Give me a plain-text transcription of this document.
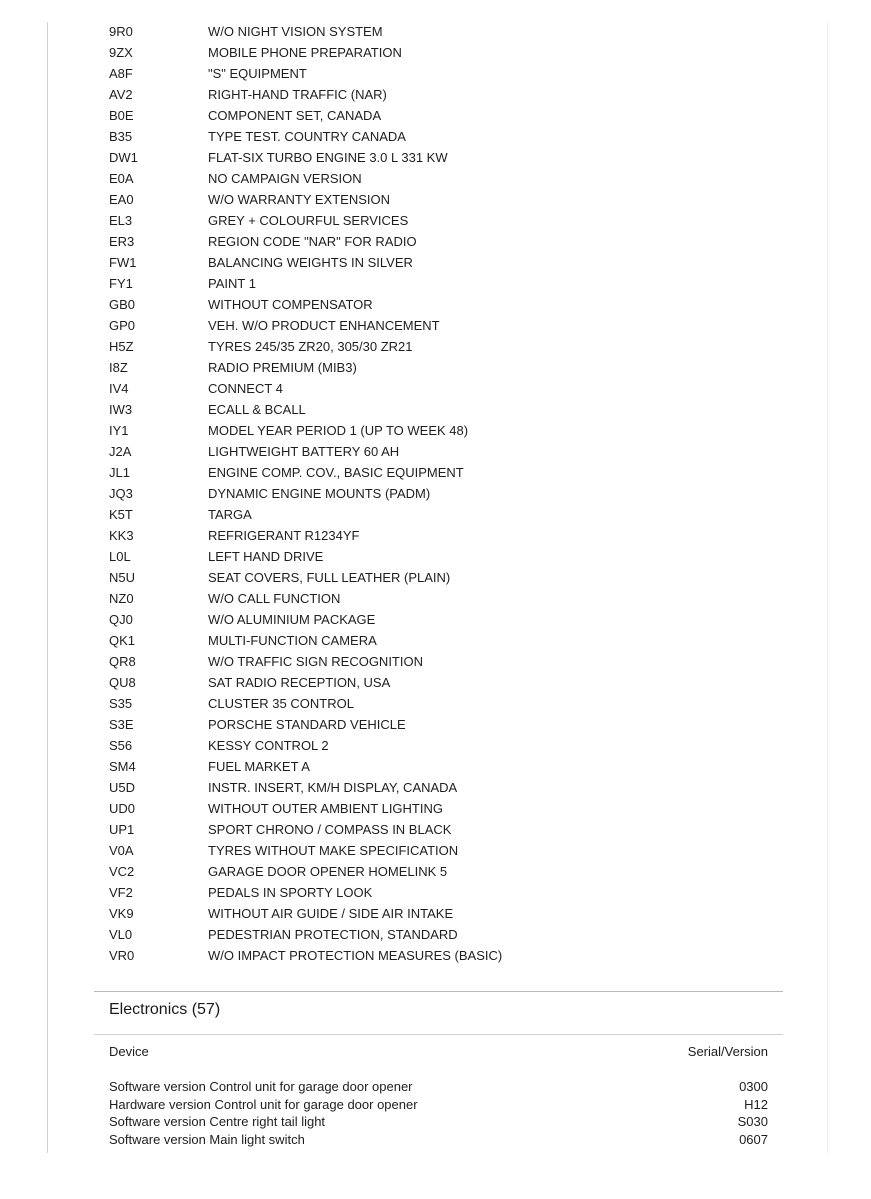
9R0	W/O NIGHT VISION SYSTEM
9ZX	MOBILE PHONE PREPARATION
A8F	"S" EQUIPMENT
AV2	RIGHT-HAND TRAFFIC (NAR)
B0E	COMPONENT SET, CANADA
B35	TYPE TEST. COUNTRY CANADA
DW1	FLAT-SIX TURBO ENGINE 3.0 L 331 KW
E0A	NO CAMPAIGN VERSION
EA0	W/O WARRANTY EXTENSION
EL3	GREY + COLOURFUL SERVICES
ER3	REGION CODE "NAR" FOR RADIO
FW1	BALANCING WEIGHTS IN SILVER
FY1	PAINT 1
GB0	WITHOUT COMPENSATOR
GP0	VEH. W/O PRODUCT ENHANCEMENT
H5Z	TYRES 245/35 ZR20, 305/30 ZR21
I8Z	RADIO PREMIUM (MIB3)
IV4	CONNECT 4
IW3	ECALL & BCALL
IY1	MODEL YEAR PERIOD 1 (UP TO WEEK 48)
J2A	LIGHTWEIGHT BATTERY 60 AH
JL1	ENGINE COMP. COV., BASIC EQUIPMENT
JQ3	DYNAMIC ENGINE MOUNTS (PADM)
K5T	TARGA
KK3	REFRIGERANT R1234YF
L0L	LEFT HAND DRIVE
N5U	SEAT COVERS, FULL LEATHER (PLAIN)
NZ0	W/O CALL FUNCTION
QJ0	W/O ALUMINIUM PACKAGE
QK1	MULTI-FUNCTION CAMERA
QR8	W/O TRAFFIC SIGN RECOGNITION
QU8	SAT RADIO RECEPTION, USA
S35	CLUSTER 35 CONTROL
S3E	PORSCHE STANDARD VEHICLE
S56	KESSY CONTROL 2
SM4	FUEL MARKET A
U5D	INSTR. INSERT, KM/H DISPLAY, CANADA
UD0	WITHOUT OUTER AMBIENT LIGHTING
UP1	SPORT CHRONO / COMPASS IN BLACK
V0A	TYRES WITHOUT MAKE SPECIFICATION
VC2	GARAGE DOOR OPENER HOMELINK 5
VF2	PEDALS IN SPORTY LOOK
VK9	WITHOUT AIR GUIDE / SIDE AIR INTAKE
VL0	PEDESTRIAN PROTECTION, STANDARD
VR0	W/O IMPACT PROTECTION MEASURES (BASIC)
Electronics (57)
Device	Serial/Version
Software version Control unit for garage door opener	0300
Hardware version Control unit for garage door opener	H12
Software version Centre right tail light	S030
Software version Main light switch	0607
